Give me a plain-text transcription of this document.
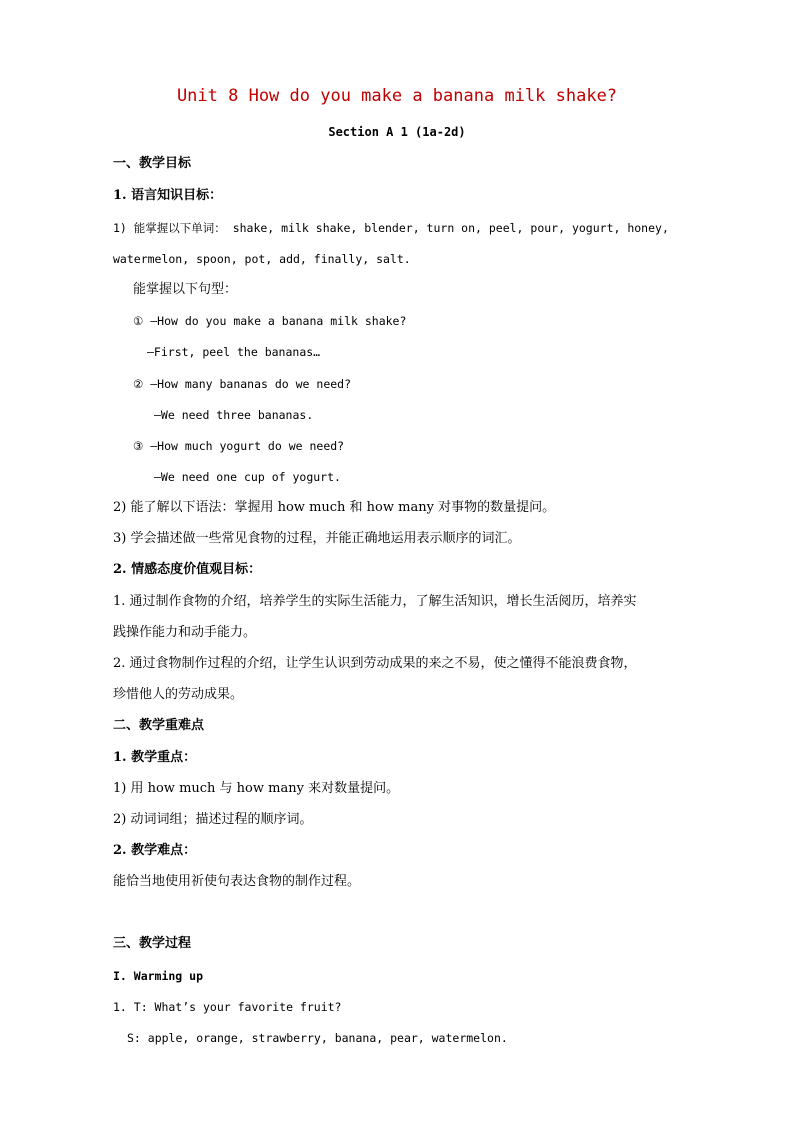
Unit 8 How do you make a banana milk shake?
Section A 1 (1a-2d)
一、教学目标
1. 语言知识目标：
1) 能掌握以下单词： shake, milk shake, blender, turn on, peel, pour, yogurt, honey,
watermelon, spoon, pot, add, finally, salt.
能掌握以下句型：
① —How do you make a banana milk shake?
—First, peel the bananas…
② —How many bananas do we need?
—We need three bananas.
③ —How much yogurt do we need?
—We need one cup of yogurt.
2) 能了解以下语法：掌握用 how much 和 how many 对事物的数量提问。
3) 学会描述做一些常见食物的过程，并能正确地运用表示顺序的词汇。
2. 情感态度价值观目标：
1. 通过制作食物的介绍，培养学生的实际生活能力，了解生活知识，增长生活阅历，培养实
践操作能力和动手能力。
2. 通过食物制作过程的介绍，让学生认识到劳动成果的来之不易，使之懂得不能浪费食物，
珍惜他人的劳动成果。
二、教学重难点
1. 教学重点：
1) 用 how much 与 how many 来对数量提问。
2) 动词词组；描述过程的顺序词。
2. 教学难点：
能恰当地使用祈使句表达食物的制作过程。
三、教学过程
I. Warming up
1. T: What’s your favorite fruit?
S: apple, orange, strawberry, banana, pear, watermelon.
